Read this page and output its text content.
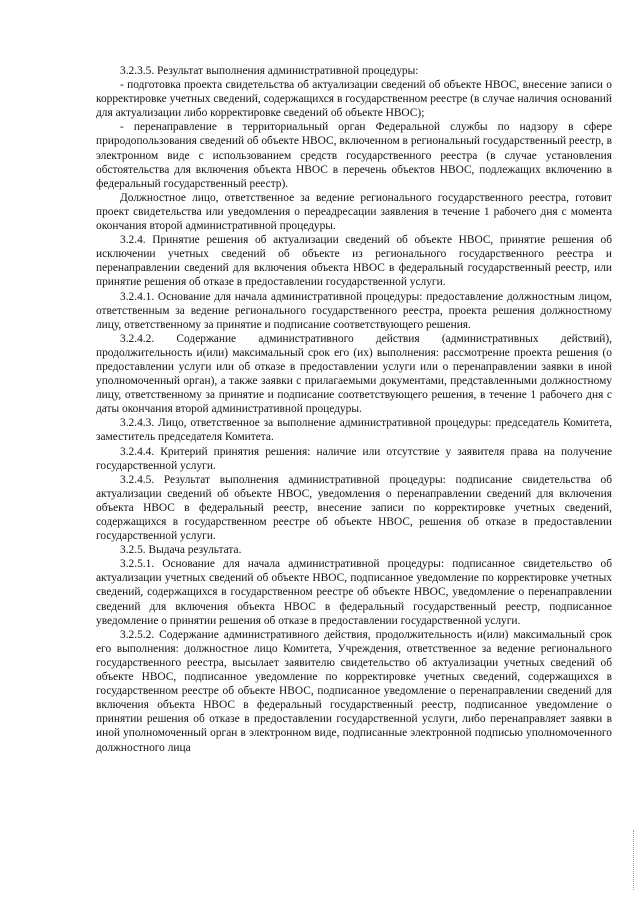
3.2.3.5. Результат выполнения административной процедуры:

- подготовка проекта свидетельства об актуализации сведений об объекте НВОС, внесение записи о корректировке учетных сведений, содержащихся в государственном реестре (в случае наличия оснований для актуализации либо корректировке сведений об объекте НВОС);

- перенаправление в территориальный орган Федеральной службы по надзору в сфере природопользования сведений об объекте НВОС, включенном в региональный государственный реестр, в электронном виде с использованием средств государственного реестра (в случае установления обстоятельства для включения объекта НВОС в перечень объектов НВОС, подлежащих включению в федеральный государственный реестр).

Должностное лицо, ответственное за ведение регионального государственного реестра, готовит проект свидетельства или уведомления о переадресации заявления в течение 1 рабочего дня с момента окончания второй административной процедуры.

3.2.4. Принятие решения об актуализации сведений об объекте НВОС, принятие решения об исключении учетных сведений об объекте из регионального государственного реестра и перенаправлении сведений для включения объекта НВОС в федеральный государственный реестр, или принятие решения об отказе в предоставлении государственной услуги.

3.2.4.1. Основание для начала административной процедуры: предоставление должностным лицом, ответственным за ведение регионального государственного реестра, проекта решения должностному лицу, ответственному за принятие и подписание соответствующего решения.

3.2.4.2. Содержание административного действия (административных действий), продолжительность и(или) максимальный срок его (их) выполнения: рассмотрение проекта решения (о предоставлении услуги или об отказе в предоставлении услуги или о перенаправлении заявки в иной уполномоченный орган), а также заявки с прилагаемыми документами, представленными должностному лицу, ответственному за принятие и подписание соответствующего решения, в течение 1 рабочего дня с даты окончания второй административной процедуры.

3.2.4.3. Лицо, ответственное за выполнение административной процедуры: председатель Комитета, заместитель председателя Комитета.

3.2.4.4. Критерий принятия решения: наличие или отсутствие у заявителя права на получение государственной услуги.

3.2.4.5. Результат выполнения административной процедуры: подписание свидетельства об актуализации сведений об объекте НВОС, уведомления о перенаправлении сведений для включения объекта НВОС в федеральный реестр, внесение записи по корректировке учетных сведений, содержащихся в государственном реестре об объекте НВОС, решения об отказе в предоставлении государственной услуги.

3.2.5. Выдача результата.

3.2.5.1. Основание для начала административной процедуры: подписанное свидетельство об актуализации учетных сведений об объекте НВОС, подписанное уведомление по корректировке учетных сведений, содержащихся в государственном реестре об объекте НВОС, уведомление о перенаправлении сведений для включения объекта НВОС в федеральный государственный реестр, подписанное уведомление о принятии решения об отказе в предоставлении государственной услуги.

3.2.5.2. Содержание административного действия, продолжительность и(или) максимальный срок его выполнения: должностное лицо Комитета, Учреждения, ответственное за ведение регионального государственного реестра, высылает заявителю свидетельство об актуализации учетных сведений об объекте НВОС, подписанное уведомление по корректировке учетных сведений, содержащихся в государственном реестре об объекте НВОС, подписанное уведомление о перенаправлении сведений для включения объекта НВОС в федеральный государственный реестр, подписанное уведомление о принятии решения об отказе в предоставлении государственной услуги, либо перенаправляет заявки в иной уполномоченный орган в электронном виде, подписанные электронной подписью уполномоченного должностного лица
